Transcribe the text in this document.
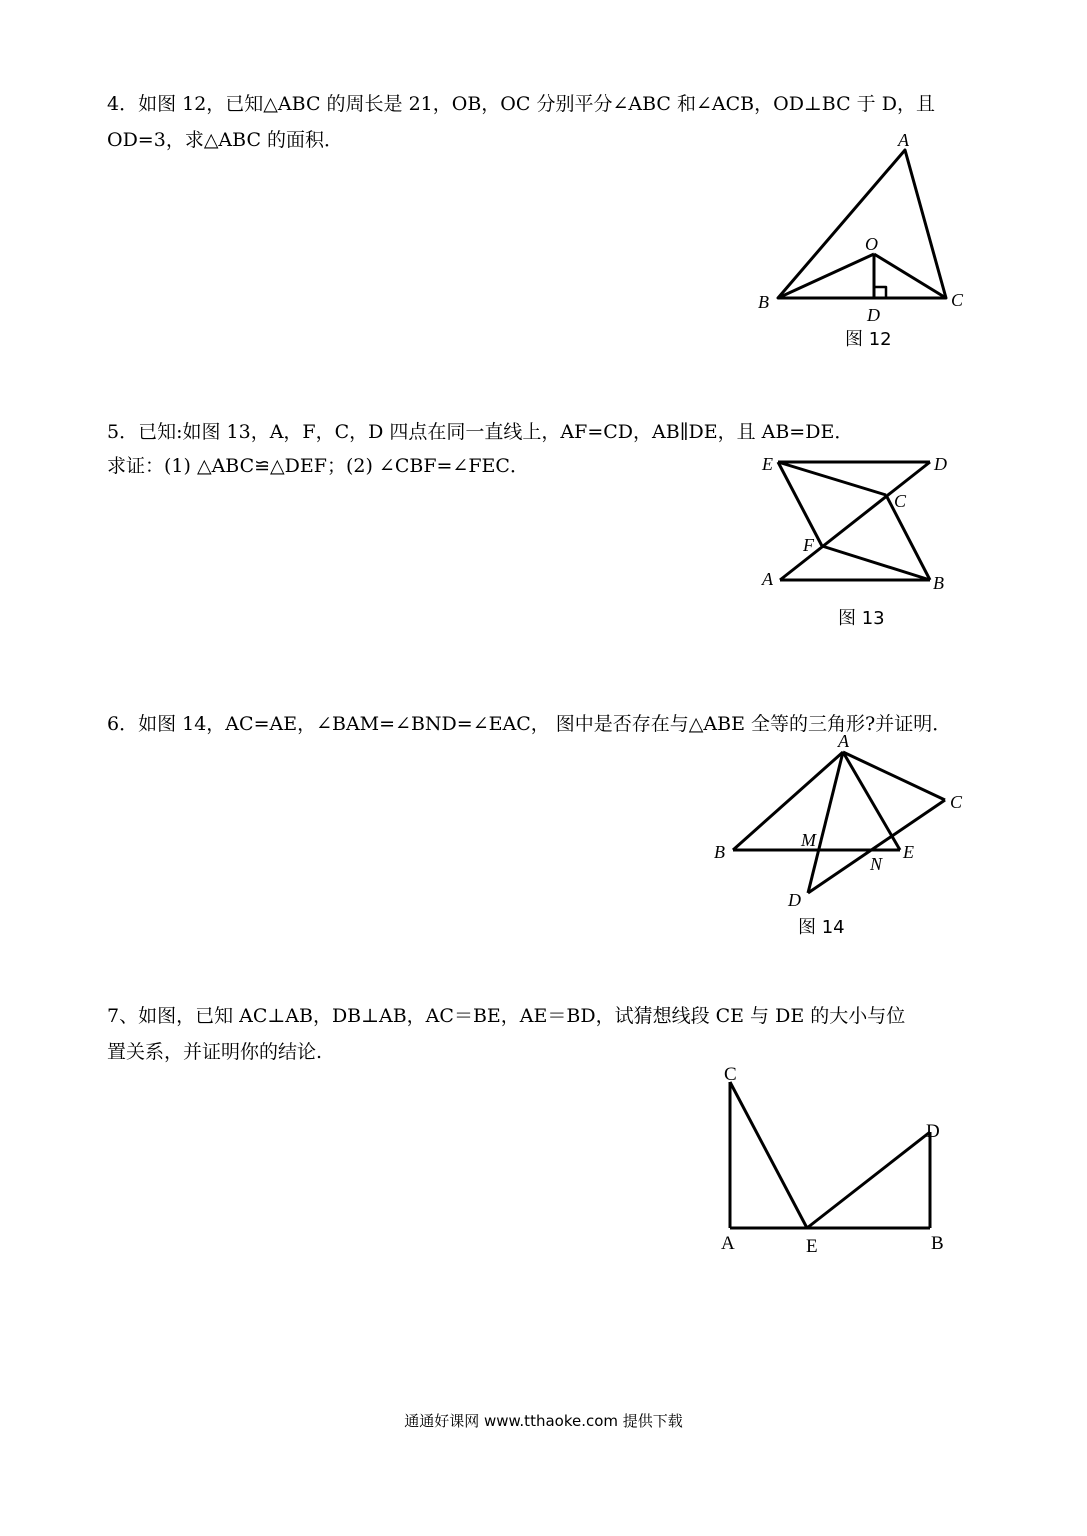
4．如图 12，已知△ABC 的周长是 21，OB，OC 分别平分∠ABC 和∠ACB，OD⊥BC 于 D，且
OD=3，求△ABC 的面积．	A
B	C
O
D
图 12
5．已知:如图 13，A，F，C，D 四点在同一直线上，AF=CD，AB∥DE，且 AB=DE．
求证：(1) △ABC≌△DEF；(2) ∠CBF=∠FEC．	E	D
C
F
A	B
图 13
6．如图 14，AC=AE，∠BAM=∠BND=∠EAC， 图中是否存在与△ABE 全等的三角形?并证明．
A
C
B
M
N
E
D
图 14
7、如图，已知 AC⊥AB，DB⊥AB，AC＝BE，AE＝BD，试猜想线段 CE 与 DE 的大小与位
置关系，并证明你的结论.
C
D
A	E	B
通通好课网 www.tthaoke.com 提供下载
